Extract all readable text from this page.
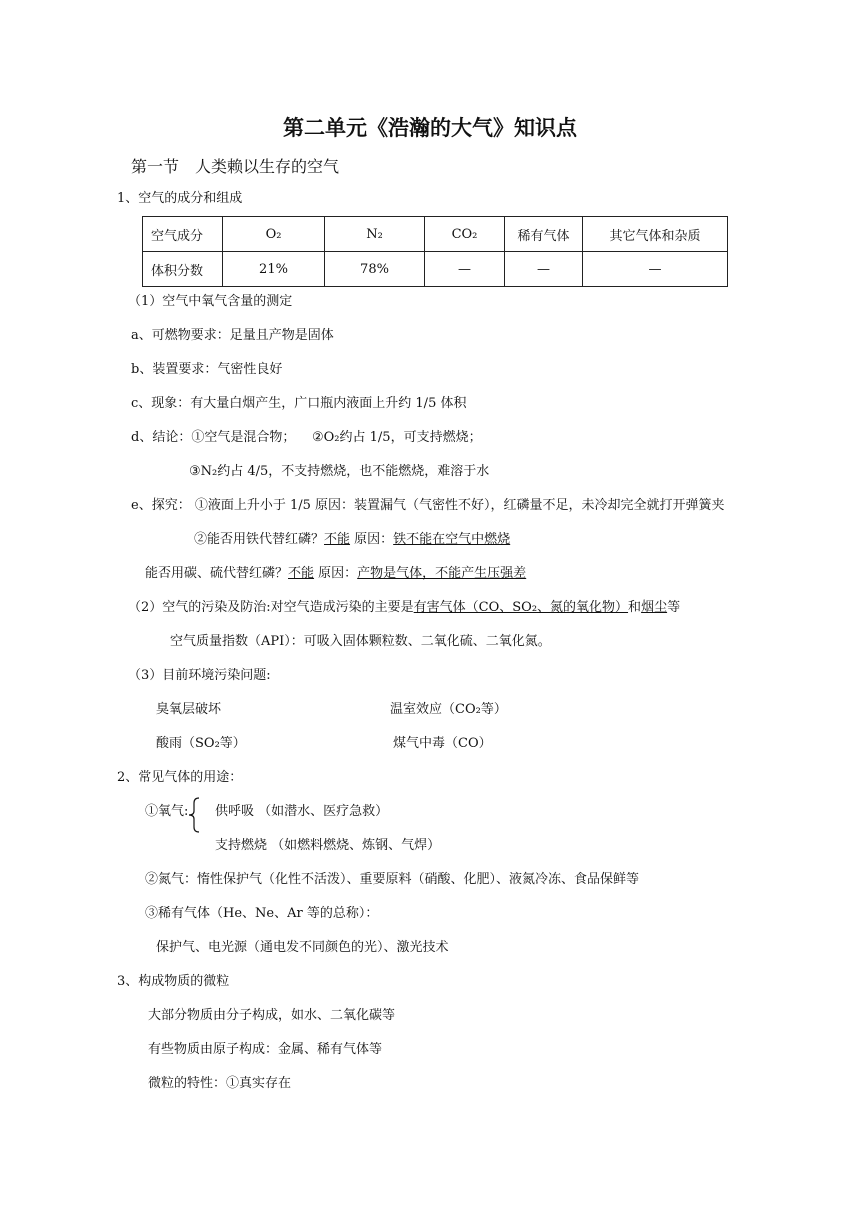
第二单元《浩瀚的大气》知识点
第一节　人类赖以生存的空气
1、空气的成分和组成
空气成分	O₂	N₂	CO₂	稀有气体	其它气体和杂质
体积分数	21%	78%	—	—	—
（1）空气中氧气含量的测定
a、可燃物要求：足量且产物是固体
b、装置要求：气密性良好
c、现象：有大量白烟产生，广口瓶内液面上升约 1/5 体积
d、结论：①空气是混合物； ②O₂约占 1/5，可支持燃烧；
③N₂约占 4/5，不支持燃烧，也不能燃烧，难溶于水
e、探究： ①液面上升小于 1/5 原因：装置漏气（气密性不好），红磷量不足，未冷却完全就打开弹簧夹
②能否用铁代替红磷？不能 原因：铁不能在空气中燃烧
能否用碳、硫代替红磷？不能 原因：产物是气体，不能产生压强差
（2）空气的污染及防治:对空气造成污染的主要是有害气体（CO、SO₂、氮的氧化物）和烟尘等
空气质量指数（API）：可吸入固体颗粒数、二氧化硫、二氧化氮。
（3）目前环境污染问题:
臭氧层破坏	温室效应（CO₂等）
酸雨（SO₂等）	煤气中毒（CO）
2、常见气体的用途：
①氧气: 供呼吸 （如潜水、医疗急救）
支持燃烧 （如燃料燃烧、炼钢、气焊）
②氮气：惰性保护气（化性不活泼）、重要原料（硝酸、化肥）、液氮冷冻、食品保鲜等
③稀有气体（He、Ne、Ar 等的总称）：
保护气、电光源（通电发不同颜色的光）、激光技术
3、构成物质的微粒
大部分物质由分子构成，如水、二氧化碳等
有些物质由原子构成：金属、稀有气体等
微粒的特性：①真实存在
